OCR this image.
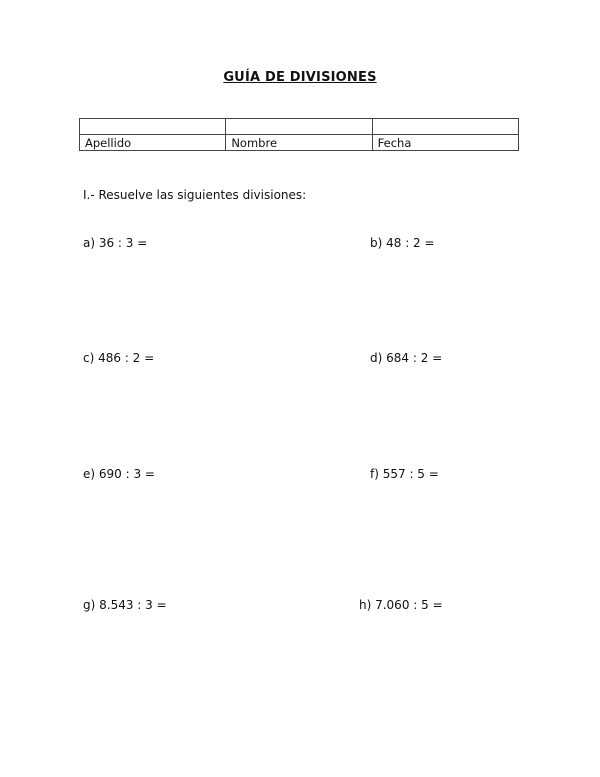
GUÍA DE DIVISIONES

Apellido	Nombre	Fecha
I.- Resuelve las siguientes divisiones:
a) 36 : 3 =	b) 48 : 2 =
c) 486 : 2 =	d) 684 : 2 =
e) 690 : 3 =	f) 557 : 5 =
g) 8.543 : 3 =	h) 7.060 : 5 =
